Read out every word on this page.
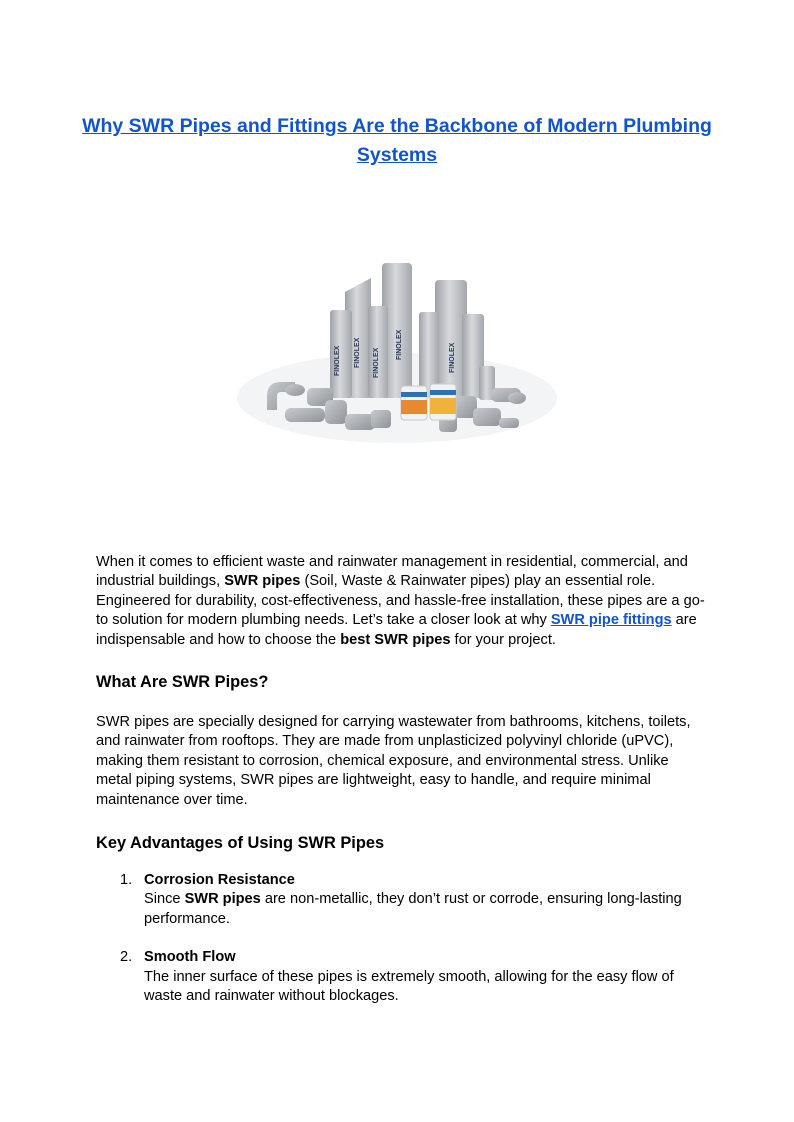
Why SWR Pipes and Fittings Are the Backbone of Modern Plumbing Systems
FINOLEX	FINOLEX
FINOLEX	FINOLEX
FINOLEX

When it comes to efficient waste and rainwater management in residential, commercial, and industrial buildings, SWR pipes (Soil, Waste & Rainwater pipes) play an essential role. Engineered for durability, cost-effectiveness, and hassle-free installation, these pipes are a go-to solution for modern plumbing needs. Let’s take a closer look at why SWR pipe fittings are indispensable and how to choose the best SWR pipes for your project.

What Are SWR Pipes?

SWR pipes are specially designed for carrying wastewater from bathrooms, kitchens, toilets, and rainwater from rooftops. They are made from unplasticized polyvinyl chloride (uPVC), making them resistant to corrosion, chemical exposure, and environmental stress. Unlike metal piping systems, SWR pipes are lightweight, easy to handle, and require minimal maintenance over time.

Key Advantages of Using SWR Pipes
1. Corrosion Resistance
Since SWR pipes are non-metallic, they don’t rust or corrode, ensuring long-lasting performance.
2. Smooth Flow
The inner surface of these pipes is extremely smooth, allowing for the easy flow of waste and rainwater without blockages.
